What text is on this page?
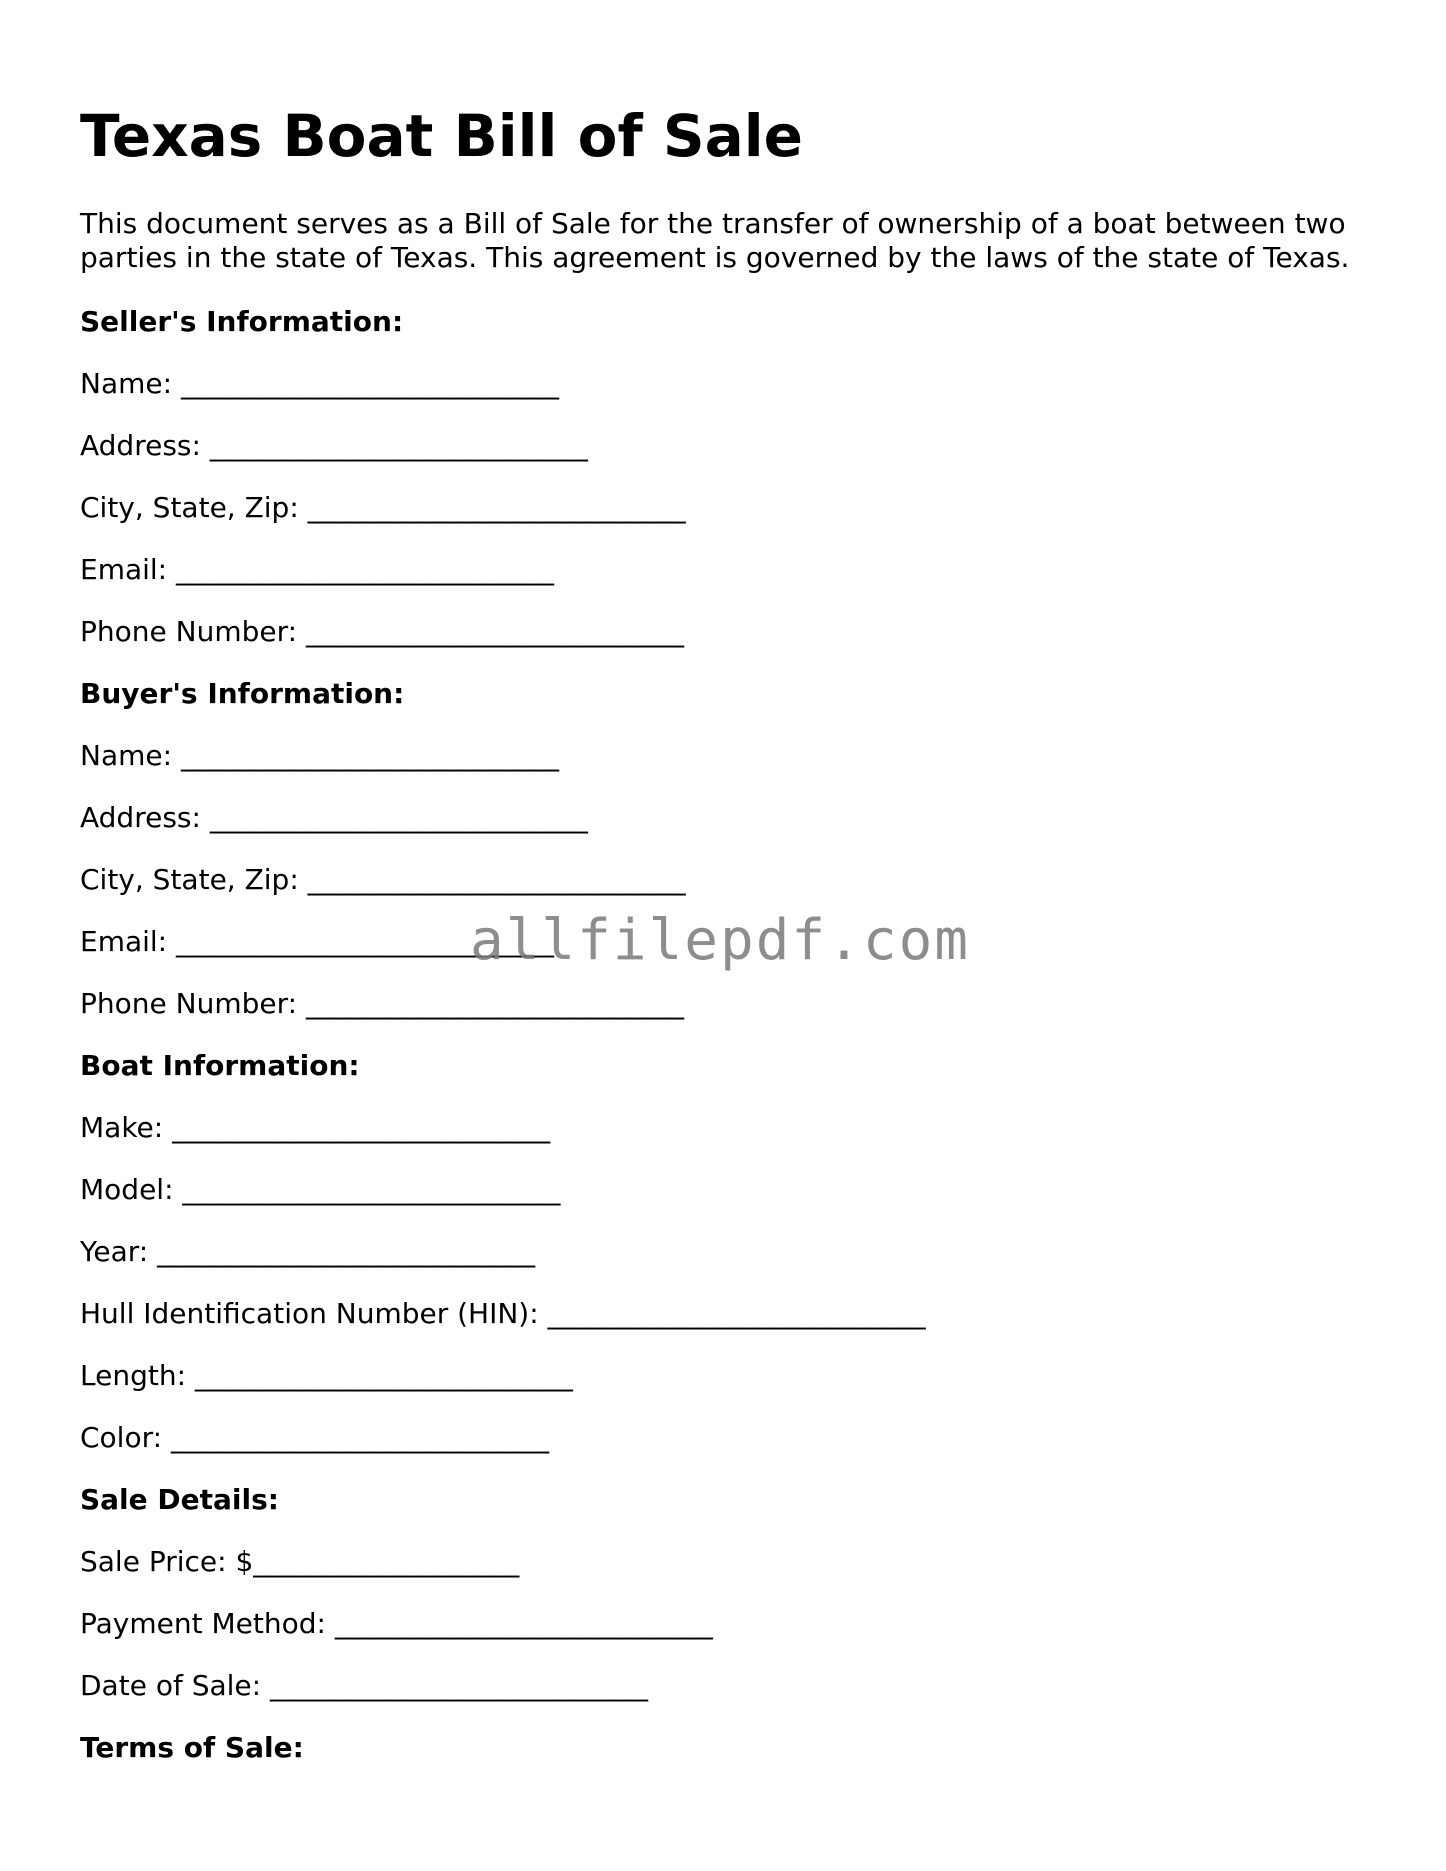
Texas Boat Bill of Sale

This document serves as a Bill of Sale for the transfer of ownership of a boat between two parties in the state of Texas. This agreement is governed by the laws of the state of Texas.

Seller's Information:
Name: ___________________________
Address: ___________________________
City, State, Zip: ___________________________
Email: ___________________________
Phone Number: ___________________________
Buyer's Information:
Name: ___________________________
Address: ___________________________
City, State, Zip: ___________________________
Email: ___________________________
Phone Number: ___________________________
Boat Information:
Make: ___________________________
Model: ___________________________
Year: ___________________________
Hull Identification Number (HIN): ___________________________
Length: ___________________________
Color: ___________________________
Sale Details:
Sale Price: $___________________
Payment Method: ___________________________
Date of Sale: ___________________________
Terms of Sale:
allfilepdf.com
